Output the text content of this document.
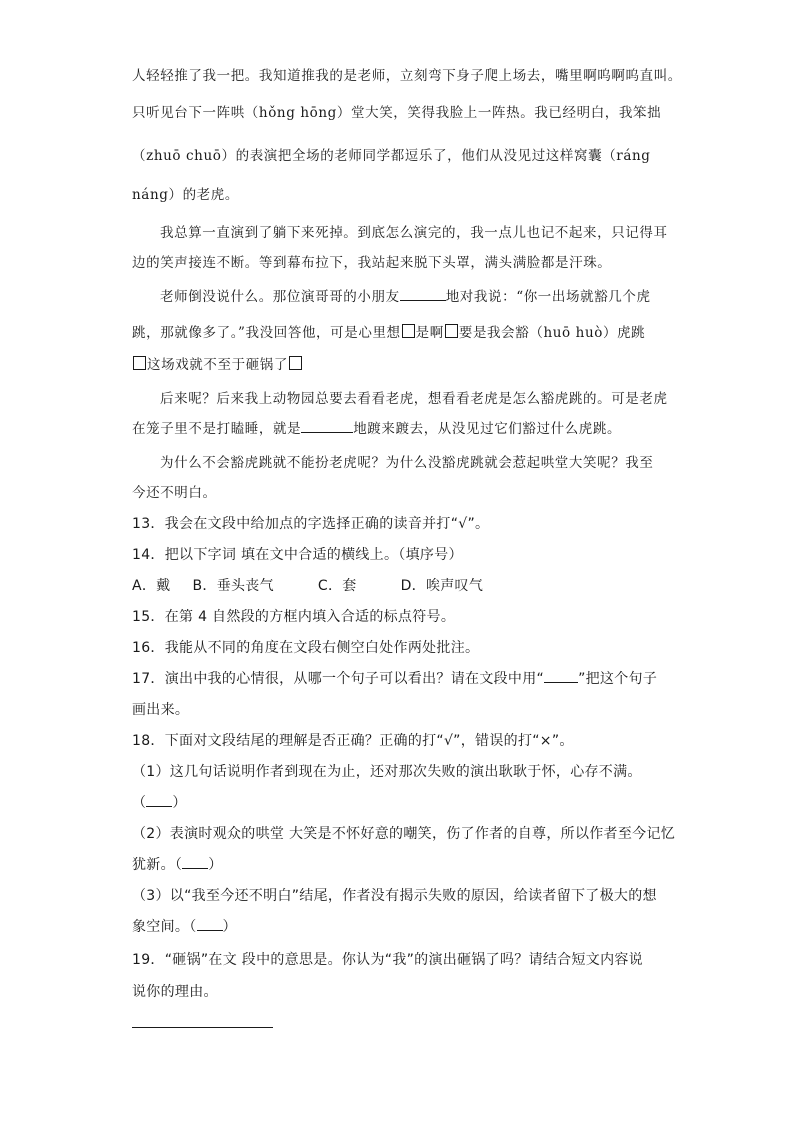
人轻轻推了我一把。我知道推我的是老师，立刻弯下身子爬上场去，嘴里啊呜啊呜直叫。
只听见台下一阵哄（hǒng hōng）堂大笑，笑得我脸上一阵热。我已经明白，我笨拙
（zhuō chuō）的表演把全场的老师同学都逗乐了，他们从没见过这样窝囊（ráng
náng）的老虎。
我总算一直演到了躺下来死掉。到底怎么演完的，我一点儿也记不起来，只记得耳
边的笑声接连不断。等到幕布拉下，我站起来脱下头罩，满头满脸都是汗珠。
老师倒没说什么。那位演哥哥的小朋友	地对我说：“你一出场就豁几个虎
跳，那就像多了。”我没回答他，可是心里想 是啊 要是我会豁（huō huò）虎跳
这场戏就不至于砸锅了
后来呢？后来我上动物园总要去看看老虎，想看看老虎是怎么豁虎跳的。可是老虎
在笼子里不是打瞌睡，就是	地踱来踱去，从没见过它们豁过什么虎跳。
为什么不会豁虎跳就不能扮老虎呢？为什么没豁虎跳就会惹起哄堂大笑呢？我至
今还不明白。
13．我会在文段中给加点的字选择正确的读音并打“√”。
14．把以下字词 填在文中合适的横线上。（填序号）
A．戴 B．垂头丧气	C．套	D．唉声叹气
15．在第 4 自然段的方框内填入合适的标点符号。
16．我能从不同的角度在文段右侧空白处作两处批注。
17．演出中我的心情很，从哪一个句子可以看出？请在文段中用“ ”把这个句子
画出来。
18．下面对文段结尾的理解是否正确？正确的打“√”，错误的打“×”。
（1）这几句话说明作者到现在为止，还对那次失败的演出耿耿于怀，心存不满。
（ ）
（2）表演时观众的哄堂 大笑是不怀好意的嘲笑，伤了作者的自尊，所以作者至今记忆
犹新。（ ）
（3）以“我至今还不明白”结尾，作者没有揭示失败的原因，给读者留下了极大的想
象空间。（ ）
19．“砸锅”在文 段中的意思是。你认为“我”的演出砸锅了吗？请结合短文内容说
说你的理由。
